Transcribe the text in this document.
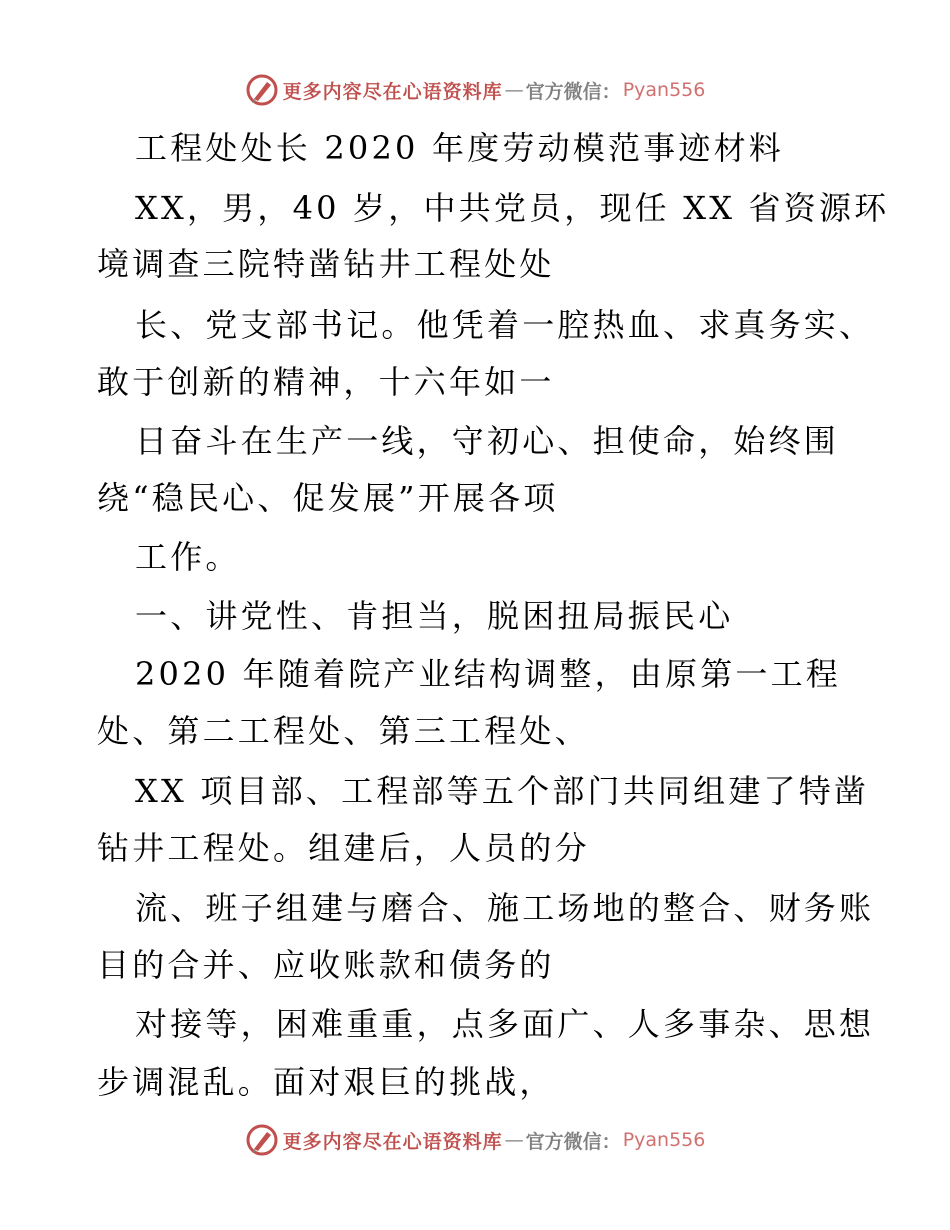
更多内容尽在心语资料库 — 官方微信： Pyan556
工程处处长 2020 年度劳动模范事迹材料
XX，男，40 岁，中共党员，现任 XX 省资源环
境调查三院特凿钻井工程处处
长、党支部书记。他凭着一腔热血、求真务实、
敢于创新的精神，十六年如一
日奋斗在生产一线，守初心、担使命，始终围
绕“稳民心、促发展”开展各项
工作。
一、讲党性、肯担当，脱困扭局振民心
2020 年随着院产业结构调整，由原第一工程
处、第二工程处、第三工程处、
XX 项目部、工程部等五个部门共同组建了特凿
钻井工程处。组建后，人员的分
流、班子组建与磨合、施工场地的整合、财务账
目的合并、应收账款和债务的
对接等，困难重重，点多面广、人多事杂、思想
步调混乱。面对艰巨的挑战，
更多内容尽在心语资料库 — 官方微信： Pyan556
